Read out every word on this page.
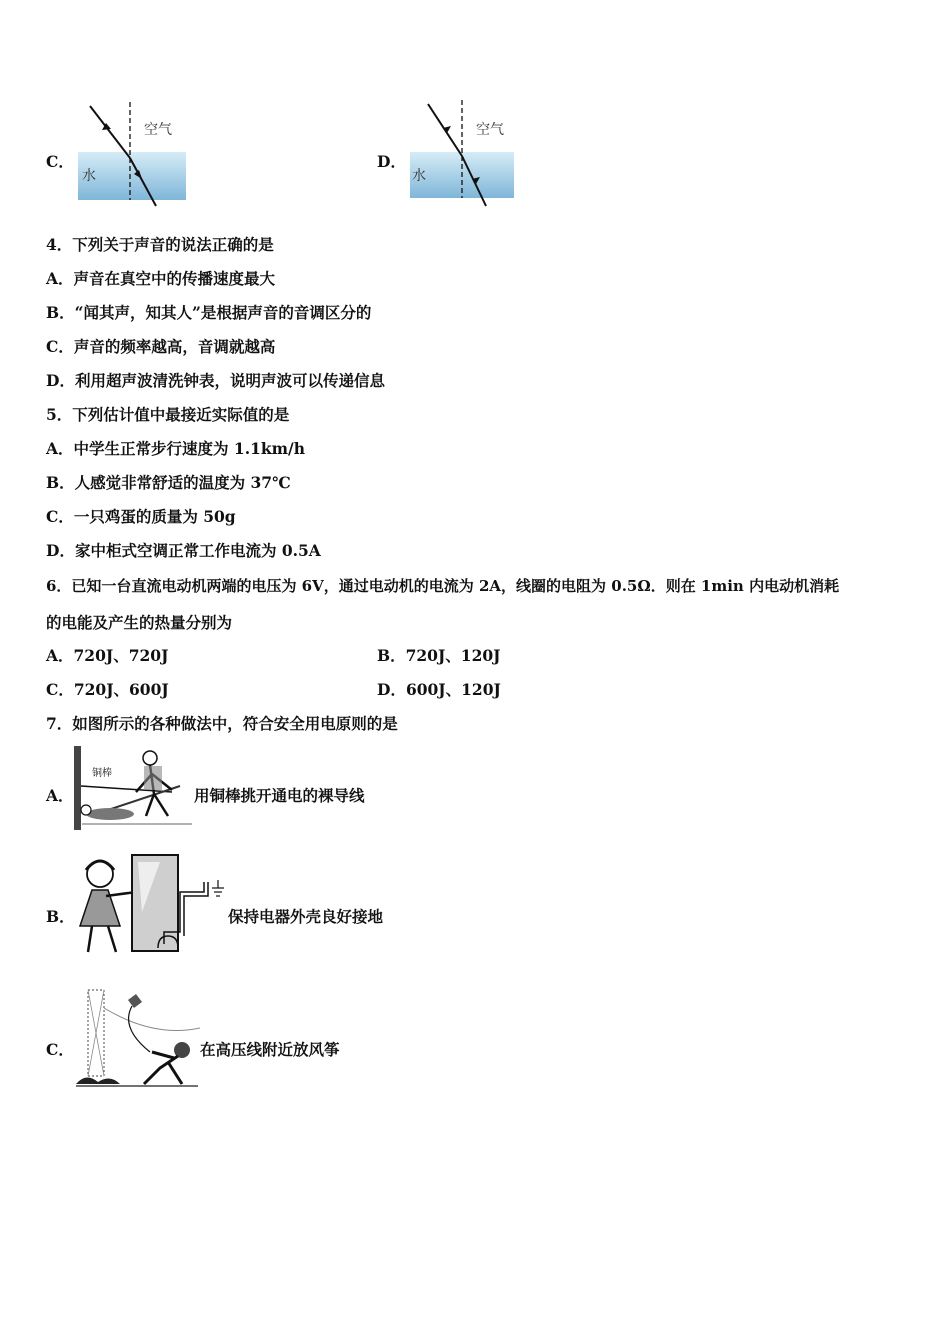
C．
空气
水
D．
空气
水
4．下列关于声音的说法正确的是
A．声音在真空中的传播速度最大
B．“闻其声，知其人”是根据声音的音调区分的
C．声音的频率越高，音调就越高
D．利用超声波清洗钟表，说明声波可以传递信息
5．下列估计值中最接近实际值的是
A．中学生正常步行速度为 1.1km/h
B．人感觉非常舒适的温度为 37℃
C．一只鸡蛋的质量为 50g
D．家中柜式空调正常工作电流为 0.5A
6．已知一台直流电动机两端的电压为 6V，通过电动机的电流为 2A，线圈的电阻为 0.5Ω．则在 1min 内电动机消耗
的电能及产生的热量分别为
A．720J、720J	B．720J、120J
C．720J、600J	D．600J、120J
7．如图所示的各种做法中，符合安全用电原则的是
A．
铜棒
用铜棒挑开通电的裸导线
B．	保持电器外壳良好接地
C．	在高压线附近放风筝
